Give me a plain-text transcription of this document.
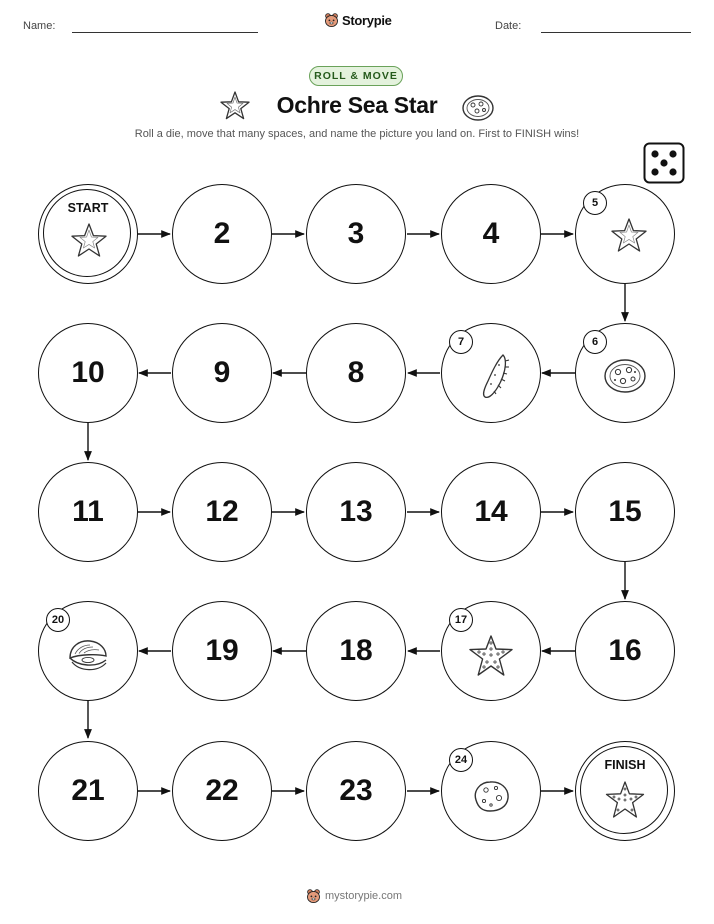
Name:	Storypie	Date:
ROLL & MOVE
Ochre Sea Star
Roll a die, move that many spaces, and name the picture you land on. First to FINISH wins!
START
2	3	4
5
10	9	8
7	6
11	12	13	14	15
20
19	18
17
16
21	22	23
24	FINISH
mystorypie.com
